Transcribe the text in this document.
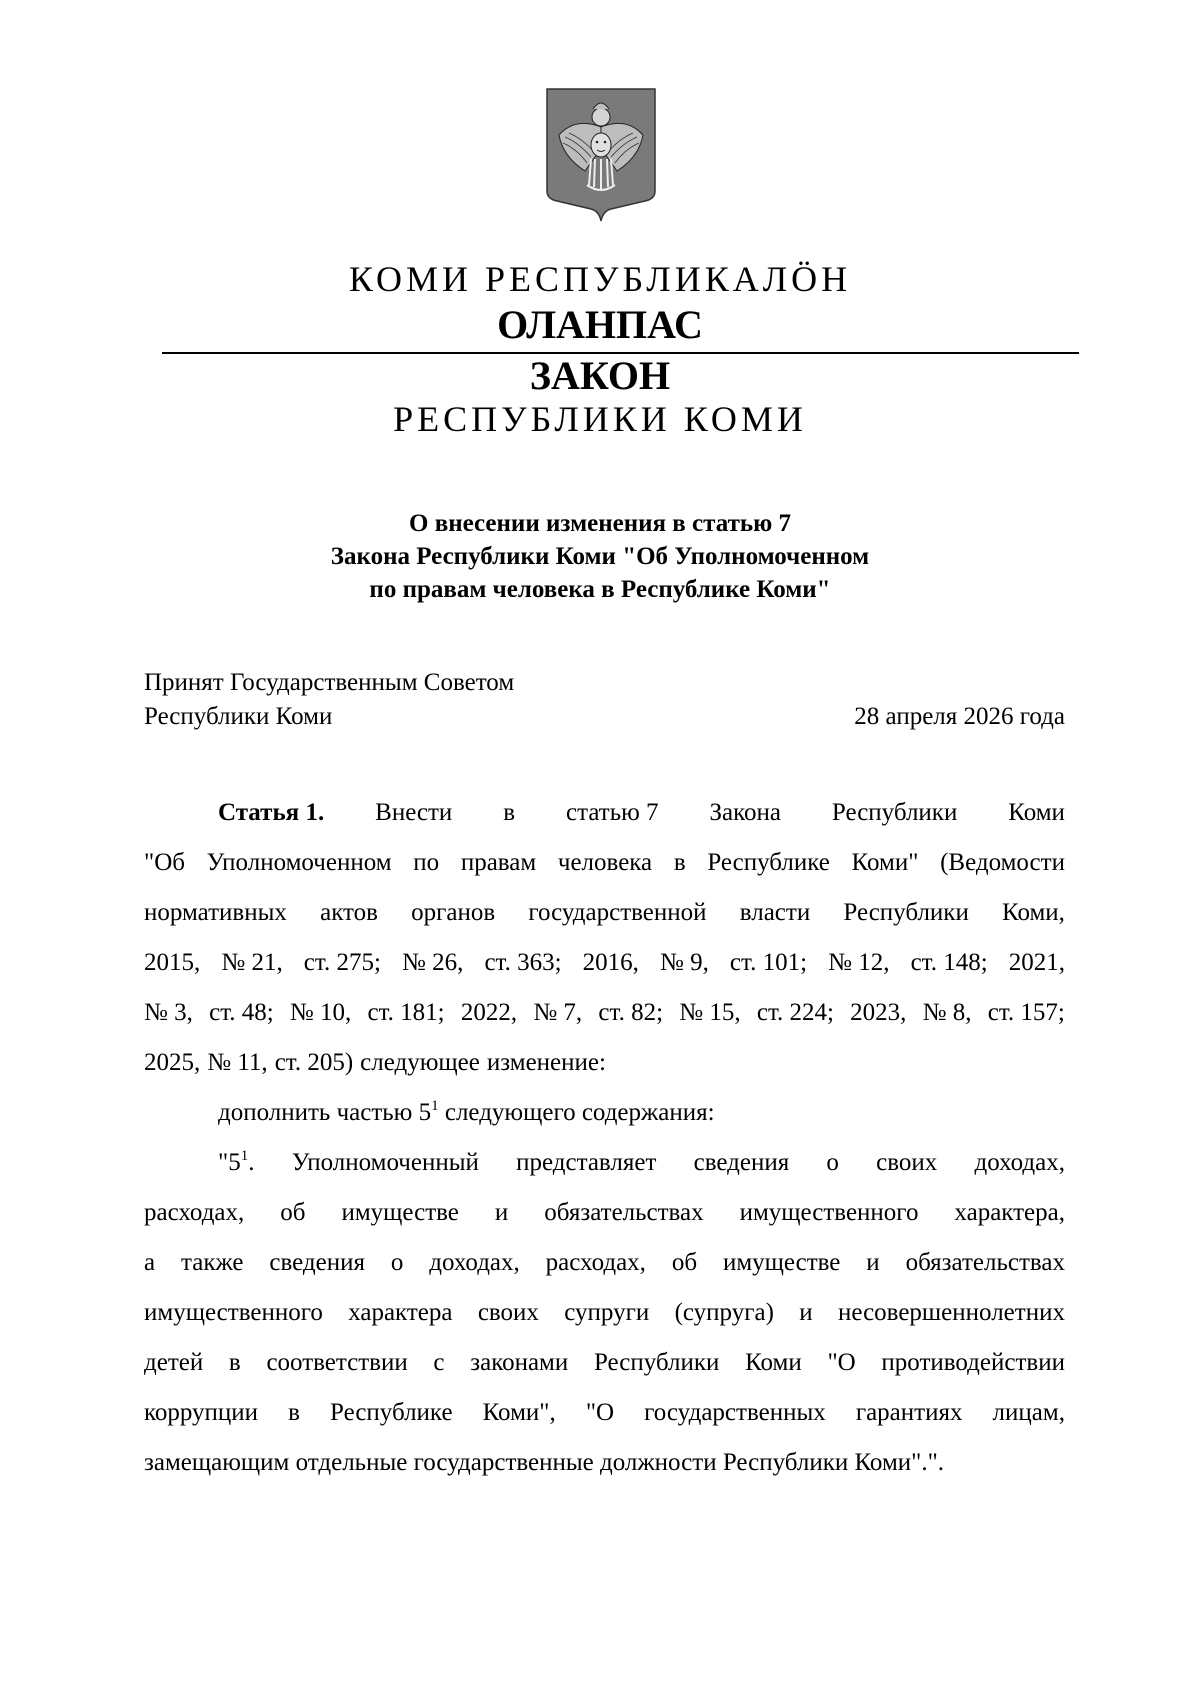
КОМИ РЕСПУБЛИКАЛӦН
ОЛАНПАС
ЗАКОН
РЕСПУБЛИКИ КОМИ
О внесении изменения в статью 7
Закона Республики Коми "Об Уполномоченном
по правам человека в Республике Коми"
Принят Государственным Советом
Республики Коми	28 апреля 2026 года
Статья 1. Внести в статью 7 Закона Республики Коми
"Об Уполномоченном по правам человека в Республике Коми" (Ведомости
нормативных актов органов государственной власти Республики Коми,
2015, № 21, ст. 275; № 26, ст. 363; 2016, № 9, ст. 101; № 12, ст. 148; 2021,
№ 3, ст. 48; № 10, ст. 181; 2022, № 7, ст. 82; № 15, ст. 224; 2023, № 8, ст. 157;
2025, № 11, ст. 205) следующее изменение:
дополнить частью $5^1$ следующего содержания:
"$5^1$. Уполномоченный представляет сведения о своих доходах,
расходах, об имуществе и обязательствах имущественного характера,
а также сведения о доходах, расходах, об имуществе и обязательствах
имущественного характера своих супруги (супруга) и несовершеннолетних
детей в соответствии с законами Республики Коми "О противодействии
коррупции в Республике Коми", "О государственных гарантиях лицам,
замещающим отдельные государственные должности Республики Коми".".
